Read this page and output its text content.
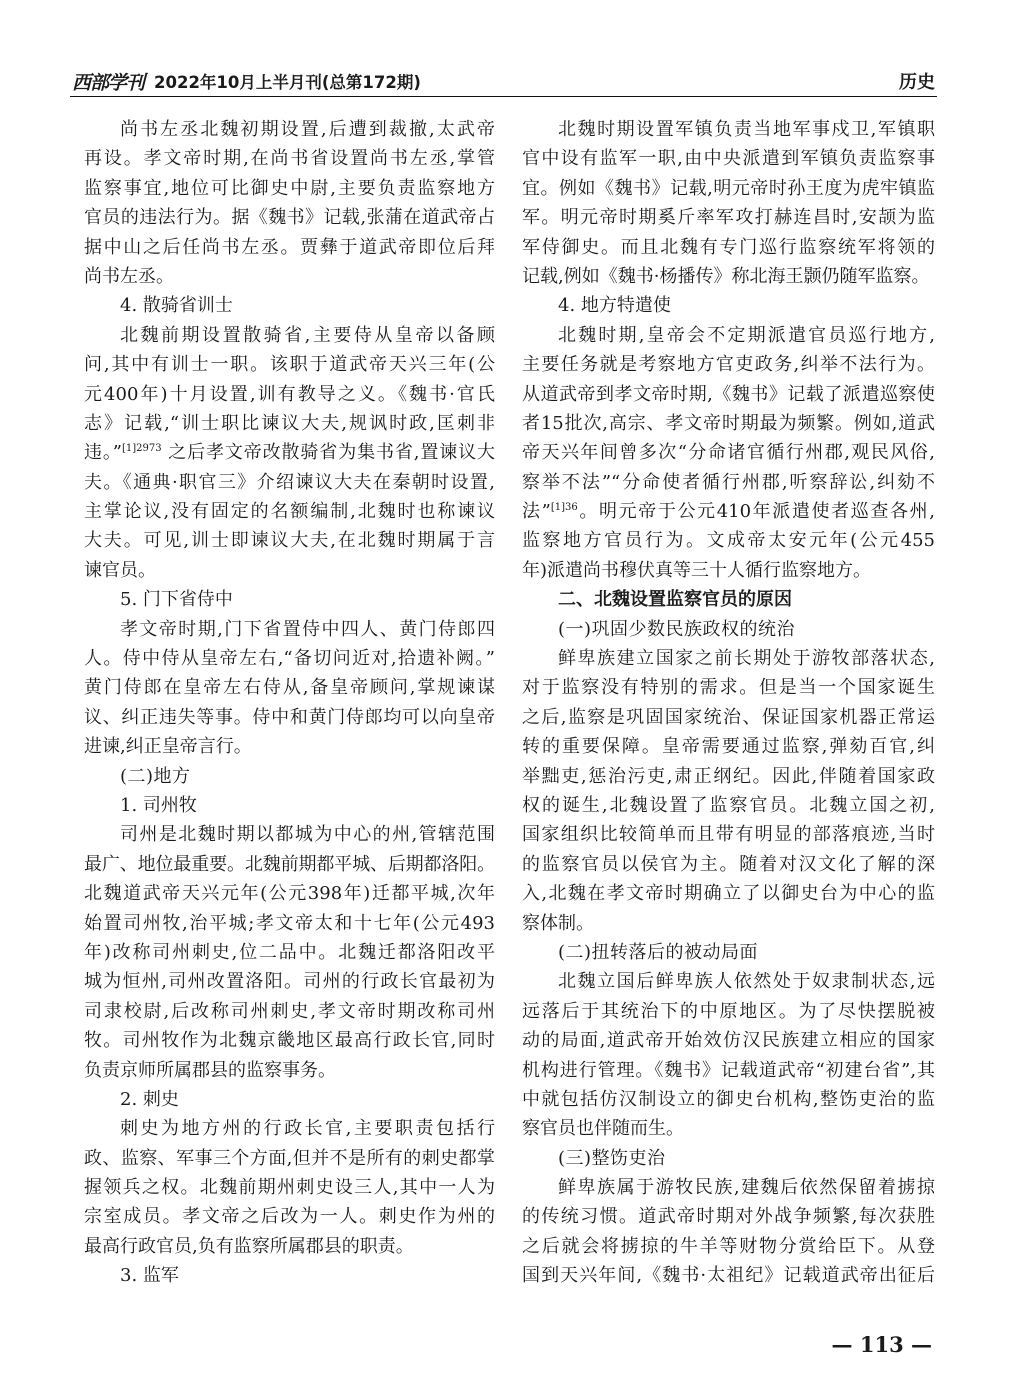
西部学刊 2022年10月上半月刊(总第172期)	历史
尚书左丞北魏初期设置,后遭到裁撤,太武帝
再设。孝文帝时期,在尚书省设置尚书左丞,掌管
监察事宜,地位可比御史中尉,主要负责监察地方
官员的违法行为。据《魏书》记载,张蒲在道武帝占
据中山之后任尚书左丞。贾彝于道武帝即位后拜
尚书左丞。
4. 散骑省训士
北魏前期设置散骑省,主要侍从皇帝以备顾
问,其中有训士一职。该职于道武帝天兴三年(公
元400年)十月设置,训有教导之义。《魏书·官氏
志》记载,“训士职比谏议大夫,规讽时政,匡刺非
违。”$^{[1]2973}$ 之后孝文帝改散骑省为集书省,置谏议大
夫。《通典·职官三》介绍谏议大夫在秦朝时设置,
主掌论议,没有固定的名额编制,北魏时也称谏议
大夫。可见,训士即谏议大夫,在北魏时期属于言
谏官员。
5. 门下省侍中
孝文帝时期,门下省置侍中四人、黄门侍郎四
人。侍中侍从皇帝左右,“备切问近对,拾遗补阙。”
黄门侍郎在皇帝左右侍从,备皇帝顾问,掌规谏谋
议、纠正违失等事。侍中和黄门侍郎均可以向皇帝
进谏,纠正皇帝言行。
(二)地方
1. 司州牧
司州是北魏时期以都城为中心的州,管辖范围
最广、地位最重要。北魏前期都平城、后期都洛阳。
北魏道武帝天兴元年(公元398年)迁都平城,次年
始置司州牧,治平城;孝文帝太和十七年(公元493
年)改称司州刺史,位二品中。北魏迁都洛阳改平
城为恒州,司州改置洛阳。司州的行政长官最初为
司隶校尉,后改称司州刺史,孝文帝时期改称司州
牧。司州牧作为北魏京畿地区最高行政长官,同时
负责京师所属郡县的监察事务。
2. 刺史
刺史为地方州的行政长官,主要职责包括行
政、监察、军事三个方面,但并不是所有的刺史都掌
握领兵之权。北魏前期州刺史设三人,其中一人为
宗室成员。孝文帝之后改为一人。刺史作为州的
最高行政官员,负有监察所属郡县的职责。
3. 监军
北魏时期设置军镇负责当地军事戍卫,军镇职
官中设有监军一职,由中央派遣到军镇负责监察事
宜。例如《魏书》记载,明元帝时孙王度为虎牢镇监
军。明元帝时期奚斤率军攻打赫连昌时,安颉为监
军侍御史。而且北魏有专门巡行监察统军将领的
记载,例如《魏书·杨播传》称北海王颢仍随军监察。
4. 地方特遣使
北魏时期,皇帝会不定期派遣官员巡行地方,
主要任务就是考察地方官吏政务,纠举不法行为。
从道武帝到孝文帝时期,《魏书》记载了派遣巡察使
者15批次,高宗、孝文帝时期最为频繁。例如,道武
帝天兴年间曾多次“分命诸官循行州郡,观民风俗,
察举不法”“分命使者循行州郡,听察辞讼,纠劾不
法”$^{[1]36}$。明元帝于公元410年派遣使者巡查各州,
监察地方官员行为。文成帝太安元年(公元455
年)派遣尚书穆伏真等三十人循行监察地方。
二、北魏设置监察官员的原因
(一)巩固少数民族政权的统治
鲜卑族建立国家之前长期处于游牧部落状态,
对于监察没有特别的需求。但是当一个国家诞生
之后,监察是巩固国家统治、保证国家机器正常运
转的重要保障。皇帝需要通过监察,弹劾百官,纠
举黜吏,惩治污吏,肃正纲纪。因此,伴随着国家政
权的诞生,北魏设置了监察官员。北魏立国之初,
国家组织比较简单而且带有明显的部落痕迹,当时
的监察官员以侯官为主。随着对汉文化了解的深
入,北魏在孝文帝时期确立了以御史台为中心的监
察体制。
(二)扭转落后的被动局面
北魏立国后鲜卑族人依然处于奴隶制状态,远
远落后于其统治下的中原地区。为了尽快摆脱被
动的局面,道武帝开始效仿汉民族建立相应的国家
机构进行管理。《魏书》记载道武帝“初建台省”,其
中就包括仿汉制设立的御史台机构,整饬吏治的监
察官员也伴随而生。
(三)整饬吏治
鲜卑族属于游牧民族,建魏后依然保留着掳掠
的传统习惯。道武帝时期对外战争频繁,每次获胜
之后就会将掳掠的牛羊等财物分赏给臣下。从登
国到天兴年间,《魏书·太祖纪》记载道武帝出征后
— 113 —
